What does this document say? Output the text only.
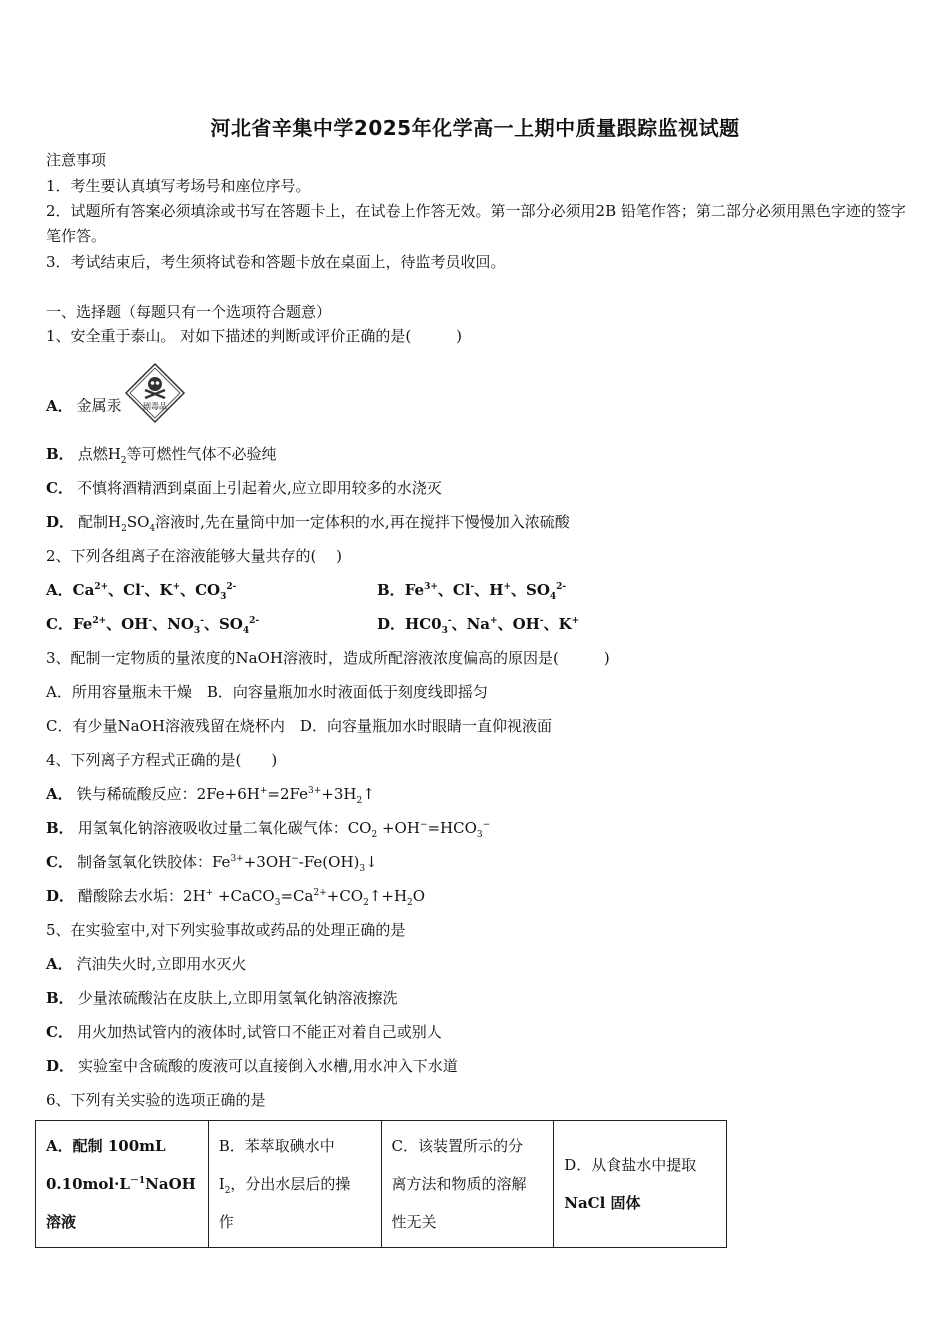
河北省辛集中学2025年化学高一上期中质量跟踪监视试题
注意事项
1．考生要认真填写考场号和座位序号。
2．试题所有答案必须填涂或书写在答题卡上，在试卷上作答无效。第一部分必须用2B 铅笔作答；第二部分必须用黑色字迹的签字笔作答。
3．考试结束后，考生须将试卷和答题卡放在桌面上，待监考员收回。
一、选择题（每题只有一个选项符合题意）
1、安全重于泰山。 对如下描述的判断或评价正确的是(　　　)
A． 金属汞	剧毒品
B． 点燃$H_2$等可燃性气体不必验纯
C． 不慎将酒精洒到桌面上引起着火,应立即用较多的水浇灭
D． 配制$H_2SO_4$溶液时,先在量筒中加一定体积的水,再在搅拌下慢慢加入浓硫酸
2、下列各组离子在溶液能够大量共存的(　 )
A．$Ca^{2+}$、Cl-、K+、$CO_3^{2-}$	B．$Fe^{3+}$、Cl-、H+、$SO_4^{2-}$
C．$Fe^{2+}$、OH-、$NO_3^-$、$SO_4^{2-}$	D．$HC0_3^-$、Na+、OH-、K+
3、配制一定物质的量浓度的NaOH溶液时，造成所配溶液浓度偏高的原因是(　　　)
A．所用容量瓶未干燥　B．向容量瓶加水时液面低于刻度线即摇匀
C．有少量NaOH溶液残留在烧杯内　D．向容量瓶加水时眼睛一直仰视液面
4、下列离子方程式正确的是(　　)
A． 铁与稀硫酸反应：$2Fe+6H^+=2Fe^{3+}+3H_2↑$
B． 用氢氧化钠溶液吸收过量二氧化碳气体：$CO_2 +OH^-=HCO_3^-$
C． 制备氢氧化铁胶体：$Fe^{3+}+3OH^--Fe(OH)_3↓$
D． 醋酸除去水垢：$2H^+ +CaCO_3=Ca^{2+}+CO_2↑+H_2O$
5、在实验室中,对下列实验事故或药品的处理正确的是
A． 汽油失火时,立即用水灭火
B． 少量浓硫酸沾在皮肤上,立即用氢氧化钠溶液擦洗
C． 用火加热试管内的液体时,试管口不能正对着自己或别人
D． 实验室中含硫酸的废液可以直接倒入水槽,用水冲入下水道
6、下列有关实验的选项正确的是
A．配制 100mL
$0.10mol\cdot L^{-1}NaOH$
溶液

B．苯萃取碘水中
$I_2$，分出水层后的操
作

C．该装置所示的分
离方法和物质的溶解
性无关

D．从食盐水中提取
NaCl 固体
